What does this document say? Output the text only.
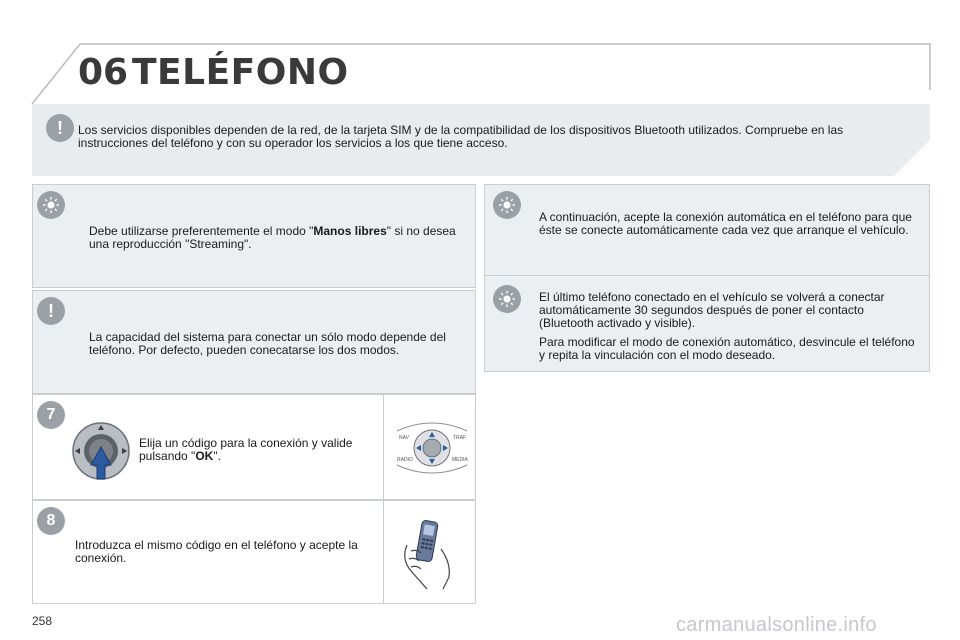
06 TELÉFONO
!	Los servicios disponibles dependen de la red, de la tarjeta SIM y de la compatibilidad de los dispositivos Bluetooth utilizados. Compruebe en las instrucciones del teléfono y con su operador los servicios a los que tiene acceso.
Debe utilizarse preferentemente el modo "Manos libres" si no desea una reproducción "Streaming".
!
La capacidad del sistema para conectar un sólo modo depende del teléfono. Por defecto, pueden conecatarse los dos modos.
7
Elija un código para la conexión y valide pulsando "OK".
NAV	TRAF
RADIO	MEDIA
8
Introduzca el mismo código en el teléfono y acepte la conexión.
A continuación, acepte la conexión automática en el teléfono para que éste se conecte automáticamente cada vez que arranque el vehículo.

El último teléfono conectado en el vehículo se volverá a conectar automáticamente 30 segundos después de poner el contacto (Bluetooth activado y visible).

Para modificar el modo de conexión automático, desvincule el teléfono y repita la vinculación con el modo deseado.

258	carmanualsonline.info
